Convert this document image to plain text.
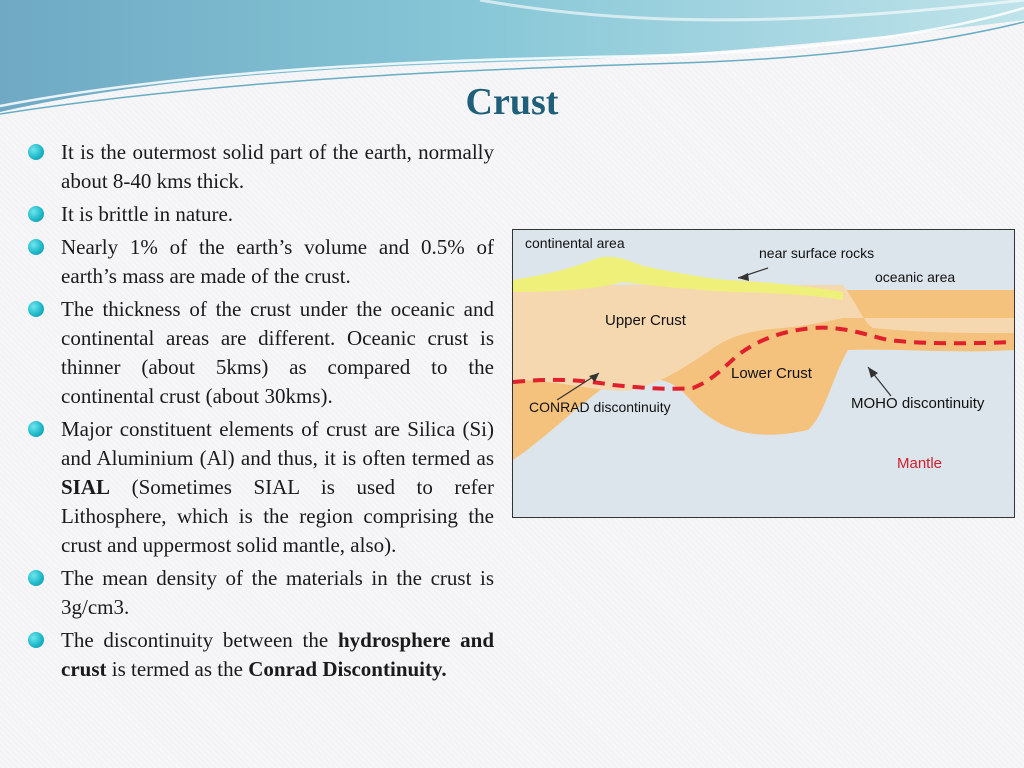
Crust
It is the outermost solid part of the earth, normally about 8-40 kms thick.
It is brittle in nature.
Nearly 1% of the earth’s volume and 0.5% of earth’s mass are made of the crust.
The thickness of the crust under the oceanic and continental areas are different. Oceanic crust is thinner (about 5kms) as compared to the continental crust (about 30kms).
Major constituent elements of crust are Silica (Si) and Aluminium (Al) and thus, it is often termed as SIAL (Sometimes SIAL is used to refer Lithosphere, which is the region comprising the crust and uppermost solid mantle, also).
The mean density of the materials in the crust is 3g/cm3.
The discontinuity between the hydrosphere and crust is termed as the Conrad Discontinuity.
continental area
near surface rocks
oceanic area
Upper Crust
Lower Crust
CONRAD discontinuity	MOHO discontinuity
Mantle
